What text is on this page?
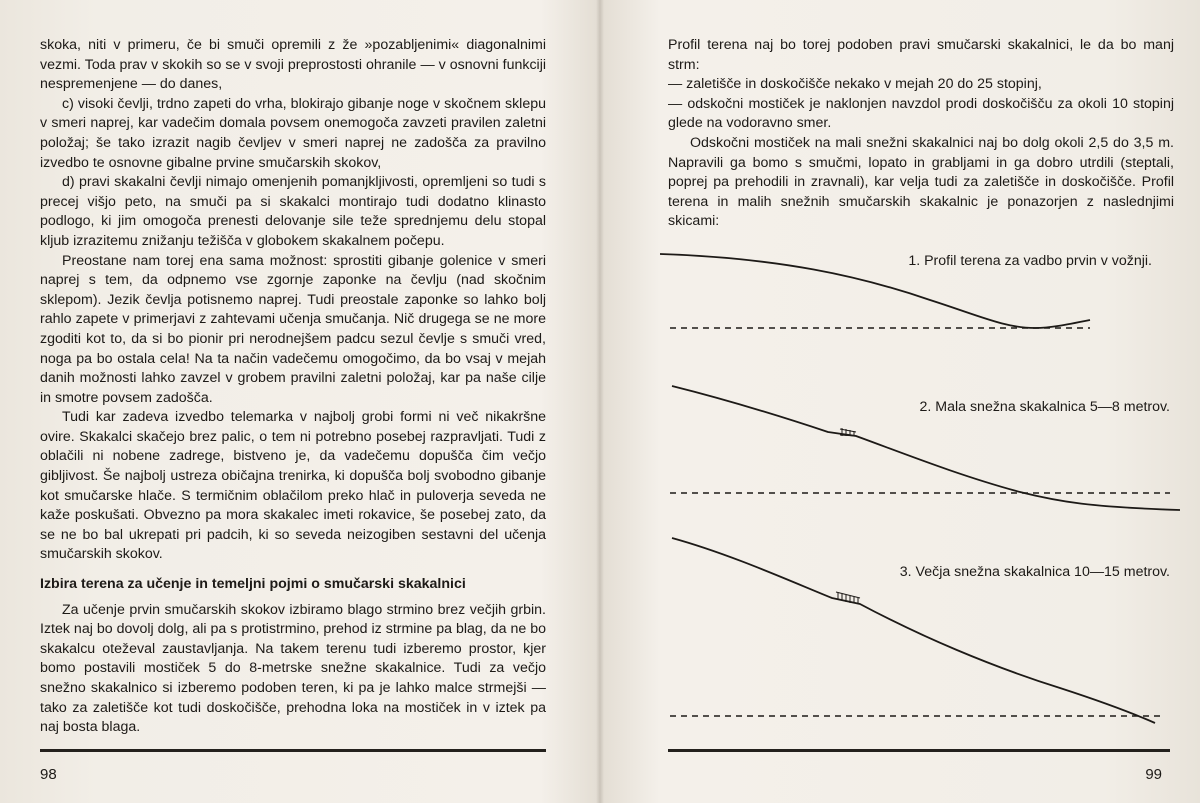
skoka, niti v primeru, če bi smuči opremili z že »pozabljenimi« diagonalnimi vezmi. Toda prav v skokih so se v svoji preprostosti ohranile — v osnovni funkciji nespremenjene — do danes,

c) visoki čevlji, trdno zapeti do vrha, blokirajo gibanje noge v skočnem sklepu v smeri naprej, kar vadečim domala povsem onemogoča zavzeti pravilen zaletni položaj; še tako izrazit nagib čevljev v smeri naprej ne zadošča za pravilno izvedbo te osnovne gibalne prvine smučarskih skokov,

d) pravi skakalni čevlji nimajo omenjenih pomanjkljivosti, opremljeni so tudi s precej višjo peto, na smuči pa si skakalci montirajo tudi dodatno klinasto podlogo, ki jim omogoča prenesti delovanje sile teže sprednjemu delu stopal kljub izrazitemu znižanju težišča v globokem skakalnem počepu.

Preostane nam torej ena sama možnost: sprostiti gibanje golenice v smeri naprej s tem, da odpnemo vse zgornje zaponke na čevlju (nad skočnim sklepom). Jezik čevlja potisnemo naprej. Tudi preostale zaponke so lahko bolj rahlo zapete v primerjavi z zahtevami učenja smučanja. Nič drugega se ne more zgoditi kot to, da si bo pionir pri nerodnejšem padcu sezul čevlje s smuči vred, noga pa bo ostala cela! Na ta način vadečemu omogočimo, da bo vsaj v mejah danih možnosti lahko zavzel v grobem pravilni zaletni položaj, kar pa naše cilje in smotre povsem zadošča.

Tudi kar zadeva izvedbo telemarka v najbolj grobi formi ni več nikakršne ovire. Skakalci skačejo brez palic, o tem ni potrebno posebej razpravljati. Tudi z oblačili ni nobene zadrege, bistveno je, da vadečemu dopušča čim večjo gibljivost. Še najbolj ustreza običajna trenirka, ki dopušča bolj svobodno gibanje kot smučarske hlače. S termičnim oblačilom preko hlač in puloverja seveda ne kaže poskušati. Obvezno pa mora skakalec imeti rokavice, še posebej zato, da se ne bo bal ukrepati pri padcih, ki so seveda neizogiben sestavni del učenja smučarskih skokov.

Izbira terena za učenje in temeljni pojmi o smučarski skakalnici

Za učenje prvin smučarskih skokov izbiramo blago strmino brez večjih grbin. Iztek naj bo dovolj dolg, ali pa s protistrmino, prehod iz strmine pa blag, da ne bo skakalcu oteževal zaustavljanja. Na takem terenu tudi izberemo prostor, kjer bomo postavili mostiček 5 do 8-metrske snežne skakalnice. Tudi za večjo snežno skakalnico si izberemo podoben teren, ki pa je lahko malce strmejši — tako za zaletišče kot tudi doskočišče, prehodna loka na mostiček in v iztek pa naj bosta blaga.

98

Profil terena naj bo torej podoben pravi smučarski skakalnici, le da bo manj strm:

— zaletišče in doskočišče nekako v mejah 20 do 25 stopinj,

— odskočni mostiček je naklonjen navzdol prodi doskočišču za okoli 10 stopinj glede na vodoravno smer.

Odskočni mostiček na mali snežni skakalnici naj bo dolg okoli 2,5 do 3,5 m. Napravili ga bomo s smučmi, lopato in grabljami in ga dobro utrdili (steptali, poprej pa prehodili in zravnali), kar velja tudi za zaletišče in doskočišče. Profil terena in malih snežnih smučarskih skakalnic je ponazorjen z naslednjimi skicami:

1. Profil terena za vadbo prvin v vožnji.
2. Mala snežna skakalnica 5—8 metrov.
3. Večja snežna skakalnica 10—15 metrov.
99
